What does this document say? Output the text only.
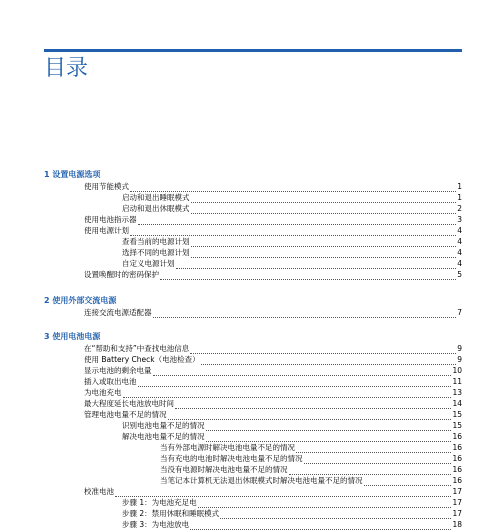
目录
1 设置电源选项
使用节能模式	1
启动和退出睡眠模式	1
启动和退出休眠模式	2
使用电池指示器	3
使用电源计划	4
查看当前的电源计划	4
选择不同的电源计划	4
自定义电源计划	4
设置唤醒时的密码保护	5
2 使用外部交流电源
连接交流电源适配器	7
3 使用电池电源
在“帮助和支持”中查找电池信息	9
使用 Battery Check（电池检查）	9
显示电池的剩余电量	10
插入或取出电池	11
为电池充电	13
最大程度延长电池放电时间	14
管理电池电量不足的情况	15
识别电池电量不足的情况	15
解决电池电量不足的情况	16
当有外部电源时解决电池电量不足的情况	16
当有充电的电池时解决电池电量不足的情况	16
当没有电源时解决电池电量不足的情况	16
当笔记本计算机无法退出休眠模式时解决电池电量不足的情况	16
校准电池	17
步骤 1：为电池充足电	17
步骤 2：禁用休眠和睡眠模式	17
步骤 3：为电池放电	18
